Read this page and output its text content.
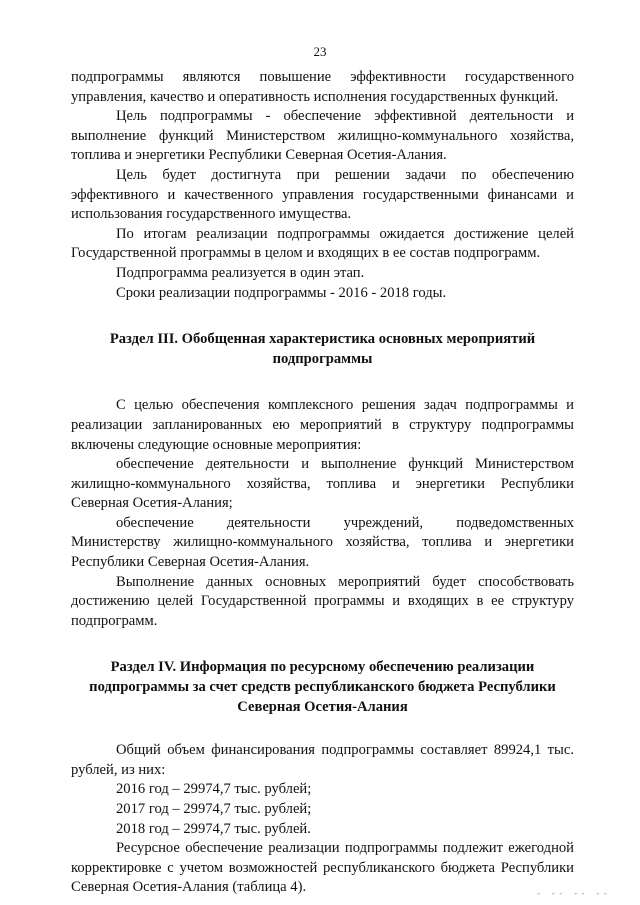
23

подпрограммы являются повышение эффективности государственного управления, качество и оперативность исполнения государственных функций.

Цель подпрограммы - обеспечение эффективной деятельности и выполнение функций Министерством жилищно-коммунального хозяйства, топлива и энергетики Республики Северная Осетия-Алания.

Цель будет достигнута при решении задачи по обеспечению эффективного и качественного управления государственными финансами и использования государственного имущества.

По итогам реализации подпрограммы ожидается достижение целей Государственной программы в целом и входящих в ее состав подпрограмм.

Подпрограмма реализуется в один этап.

Сроки реализации подпрограммы - 2016 - 2018 годы.

Раздел III. Обобщенная характеристика основных мероприятий
подпрограммы

С целью обеспечения комплексного решения задач подпрограммы и реализации запланированных ею мероприятий в структуру подпрограммы включены следующие основные мероприятия:

обеспечение деятельности и выполнение функций Министерством жилищно-коммунального хозяйства, топлива и энергетики Республики Северная Осетия-Алания;

обеспечение деятельности учреждений, подведомственных Министерству жилищно-коммунального хозяйства, топлива и энергетики Республики Северная Осетия-Алания.

Выполнение данных основных мероприятий будет способствовать достижению целей Государственной программы и входящих в ее структуру подпрограмм.

Раздел IV. Информация по ресурсному обеспечению реализации
подпрограммы за счет средств республиканского бюджета Республики
Северная Осетия-Алания

Общий объем финансирования подпрограммы составляет 89924,1 тыс. рублей, из них:

2016 год – 29974,7 тыс. рублей;

2017 год – 29974,7 тыс. рублей;

2018 год – 29974,7 тыс. рублей.

Ресурсное обеспечение реализации подпрограммы подлежит ежегодной корректировке с учетом возможностей республиканского бюджета Республики Северная Осетия-Алания (таблица 4).	- -- -- --
